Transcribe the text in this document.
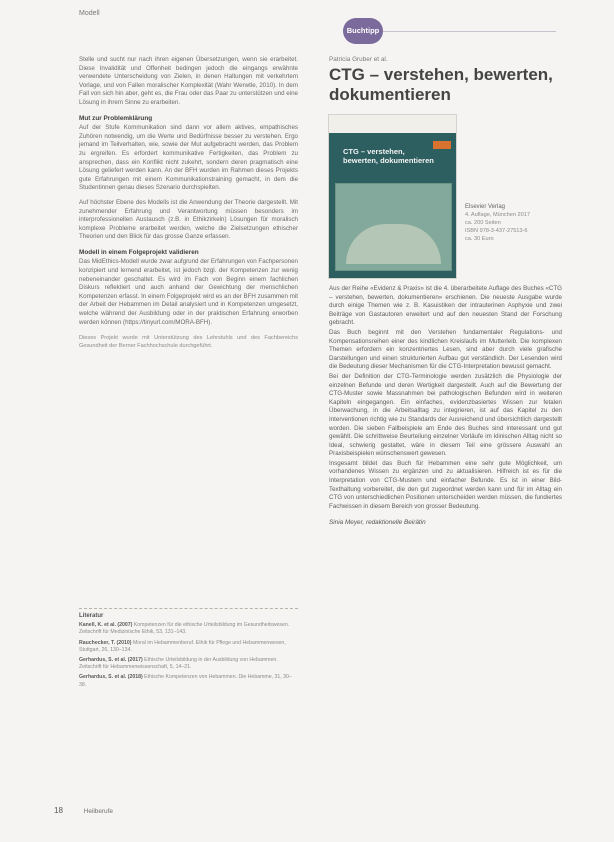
Modell

Stelle und sucht nur nach ihren eigenen Übersetzungen, wenn sie erarbeitet. Diese Invalidität und Offenheit bedingen jedoch die eingangs erwähnte verwendete Unterscheidung von Zielen, in denen Haltungen mit verkehrtem Vorlage, und von Fallen moralischer Komplexität (Wahr Werwtle, 2010). In dem Fall von sich hin aber, geht es, die Frau oder das Paar zu unterstützen und eine Lösung in ihrem Sinne zu erarbeiten.

Mut zur Problemklärung

Auf der Stufe Kommunikation sind dann vor allem aktives, empathisches Zuhören notwendig, um die Werte und Bedürfnisse besser zu verstehen. Ergo jemand im Teilverhalten, wie, sowie der Mut aufgebracht werden, das Problem zu ergreifen. Es erfordert kommunikative Fertigkeiten, das Problem zu ansprechen, dass ein Konflikt nicht zukehrt, sondern deren pragmatisch eine Lösung geliefert werden kann. An der BFH wurden im Rahmen dieses Projekts gute Erfahrungen mit einem Kommunikationstraining gemacht, in dem die Studentinnen genau dieses Szenario durchspielten.

Auf höchster Ebene des Modells ist die Anwendung der Theorie dargestellt. Mit zunehmender Erfahrung und Verantwortung müssen besonders im interprofessionellen Austausch (z.B. in Ethikzirkeln) Lösungen für moralisch komplexe Probleme erarbeitet werden, welche die Zielsetzungen ethischer Theorien und den Blick für das grosse Ganze erfassen.

Modell in einem Folgeprojekt validieren

Das MidEthics-Modell wurde zwar aufgrund der Erfahrungen von Fachpersonen konzipiert und lernend erarbeitet, ist jedoch bzgl. der Kompetenzen zur wenig nebeneinander geschaltet. Es wird im Fach von Beginn einem fachlichen Diskurs reflektiert und auch anhand der Gewichtung der menschlichen Kompetenzen erfasst. In einem Folgeprojekt wird es an der BFH zusammen mit der Arbeit der Hebammen im Detail analysiert und in Kompetenzen umgesetzt, welche während der Ausbildung oder in der praktischen Erfahrung erworben werden können (https://tinyurl.com/MORA-BFH).

Dieses Projekt wurde mit Unterstützung des Lehrstuhls und des Fachbereichs Gesundheit der Berner Fachhochschule durchgeführt.
Literatur
Kanell, K. et al. (2007) Kompetenzen für die ethische Urteilsbildung im Gesundheitswesen. Zeitschrift für Medizinische Ethik, 53, 131–143.
Rauchecker, T. (2010) Moral im Hebammenberuf. Ethik für Pflege und Hebammenwesen, Stuttgart, 26, 130–134.
Gerhardus, S. et al. (2017) Ethische Urteilsbildung in der Ausbildung von Hebammen. Zeitschrift für Hebammenwissenschaft, 5, 14–21.
Gerhardus, S. et al. (2018) Ethische Kompetenzen von Hebammen. Die Hebamme, 31, 30–38.
18	Heilberufe
Buchtipp
Patricia Gruber et al.
CTG – verstehen, bewerten, dokumentieren
CTG – verstehen, bewerten, dokumentieren
Elsevier Verlag
4. Auflage, München 2017
ca. 200 Seiten
ISBN 978-3-437-27513-6
ca. 30 Euro

Aus der Reihe «Evidenz & Praxis» ist die 4. überarbeitete Auflage des Buches «CTG – verstehen, bewerten, dokumentieren» erschienen. Die neueste Ausgabe wurde durch einige Themen wie z. B. Kasuistiken der intrauterinen Asphyxie und zwei Beiträge von Gastautoren erweitert und auf den neuesten Stand der Forschung gebracht.

Das Buch beginnt mit den Verstehen fundamentaler Regulations- und Kompensationsreihen einer des kindlichen Kreislaufs im Mutterleib. Die komplexen Themen erfordern ein konzentriertes Lesen, sind aber durch viele grafische Darstellungen und einen strukturierten Aufbau gut verständlich. Der Lesenden wird die Bedeutung dieser Mechanismen für die CTG-Interpretation bewusst gemacht.

Bei der Definition der CTG-Terminologie werden zusätzlich die Physiologie der einzelnen Befunde und deren Wertigkeit dargestellt. Auch auf die Bewertung der CTG-Muster sowie Massnahmen bei pathologischen Befunden wird in weiteren Kapiteln eingegangen. Ein einfaches, evidenzbasiertes Wissen zur fetalen Überwachung, in die Arbeitsalltag zu integrieren, ist auf das Kapitel zu den Interventionen richtig wie zu Standards der Ausreichend und übersichtlich dargestellt worden. Die sieben Fallbeispiele am Ende des Buches sind interessant und gut gewählt. Die schrittweise Beurteilung einzelner Vorläufe im klinischen Alltag nicht so Ideal, schwierig gestaltet, wäre in diesem Teil eine grössere Auswahl an Praxisbeispielen wünschenswert gewesen.

Insgesamt bildet das Buch für Hebammen eine sehr gute Möglichkeit, um vorhandenes Wissen zu ergänzen und zu aktualisieren. Hilfreich ist es für die Interpretation von CTG-Mustern und einfacher Befunde. Es ist in einer Bild-Texthaltung vorbereitet, die den gut zugeordnet werden kann und für im Alltag ein CTG von unterschiedlichen Positionen unterscheiden werden müssen, die fundiertes Fachwissen in diesem Bereich von grosser Bedeutung.

Sinia Meyer, redaktionelle Beirätin
